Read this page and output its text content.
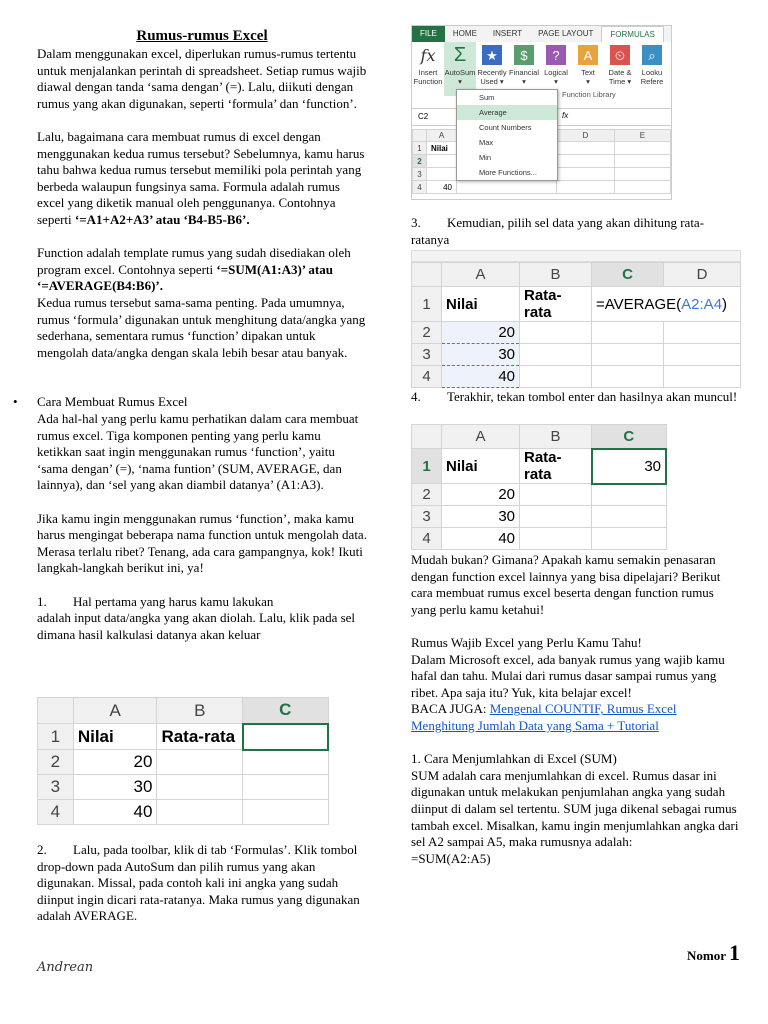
Rumus-rumus Excel

Dalam menggunakan excel, diperlukan rumus-rumus tertentu untuk menjalankan perintah di spreadsheet. Setiap rumus wajib diawal dengan tanda ‘sama dengan’ (=). Lalu, diikuti dengan rumus yang akan digunakan, seperti ‘formula’ dan ‘function’.

Lalu, bagaimana cara membuat rumus di excel dengan menggunakan kedua rumus tersebut? Sebelumnya, kamu harus tahu bahwa kedua rumus tersebut memiliki pola perintah yang berbeda walaupun fungsinya sama. Formula adalah rumus excel yang diketik manual oleh penggunanya. Contohnya seperti ‘=A1+A2+A3’ atau ‘B4-B5-B6’.

Function adalah template rumus yang sudah disediakan oleh program excel. Contohnya seperti ‘=SUM(A1:A3)’ atau ‘=AVERAGE(B4:B6)’.

Kedua rumus tersebut sama-sama penting. Pada umumnya, rumus ‘formula’ digunakan untuk menghitung data/angka yang sederhana, sementara rumus ‘function’ dipakan untuk mengolah data/angka dengan skala lebih besar atau banyak.

• Cara Membuat Rumus Excel

Ada hal-hal yang perlu kamu perhatikan dalam cara membuat rumus excel. Tiga komponen penting yang perlu kamu ketikkan saat ingin menggunakan rumus ‘function’, yaitu ‘sama dengan’ (=), ‘nama funtion’ (SUM, AVERAGE, dan lainnya), dan ‘sel yang akan diambil datanya’ (A1:A3).

Jika kamu ingin menggunakan rumus ‘function’, maka kamu harus mengingat beberapa nama function untuk mengolah data. Merasa terlalu ribet? Tenang, ada cara gampangnya, kok! Ikuti langkah-langkah berikut ini, ya!

1. Hal pertama yang harus kamu lakukan
adalah input data/angka yang akan diolah. Lalu, klik pada sel dimana hasil kalkulasi datanya akan keluar

	A	B	C
1	Nilai	Rata-rata	
2	20		
3	30		
4	40		

2. Lalu, pada toolbar, klik di tab ‘Formulas’. Klik tombol drop-down pada AutoSum dan pilih rumus yang akan digunakan. Missal, pada contoh kali ini angka yang sudah diinput ingin dicari rata-ratanya. Maka rumus yang digunakan adalah AVERAGE.

FILE	HOME	INSERT	PAGE LAYOUT	FORMULAS
fx
Insert
Function
Σ
AutoSum
▾
★
Recently
Used ▾
$
Financial
▾
?
Logical
▾
A
Text
▾
⏲
Date &
Time ▾
⌕
Looku
Refere
Function Library
Sum
Average
Count Numbers
Max
Min
More Functions...
C2	fx
	A		D	E
1	Nilai			
2				
3				
4	40			

3. Kemudian, pilih sel data yang akan dihitung rata-ratanya

	A	B	C	D
1	Nilai	Rata-rata	=AVERAGE(A2:A4)	
2	20			
3	30			
4	40			

4. Terakhir, tekan tombol enter dan hasilnya akan muncul!

	A	B	C
1	Nilai	Rata-rata	30
2	20		
3	30		
4	40		

Mudah bukan? Gimana? Apakah kamu semakin penasaran dengan function excel lainnya yang bisa dipelajari? Berikut cara membuat rumus excel beserta dengan function rumus yang perlu kamu ketahui!

Rumus Wajib Excel yang Perlu Kamu Tahu!

Dalam Microsoft excel, ada banyak rumus yang wajib kamu hafal dan tahu. Mulai dari rumus dasar sampai rumus yang ribet. Apa saja itu? Yuk, kita belajar excel!

BACA JUGA: Mengenal COUNTIF, Rumus Excel Menghitung Jumlah Data yang Sama + Tutorial

1. Cara Menjumlahkan di Excel (SUM)

SUM adalah cara menjumlahkan di excel. Rumus dasar ini digunakan untuk melakukan penjumlahan angka yang sudah diinput di dalam sel tertentu. SUM juga dikenal sebagai rumus tambah excel. Misalkan, kamu ingin menjumlahkan angka dari sel A2 sampai A5, maka rumusnya adalah:

=SUM(A2:A5)

Nomor 1
Andrean
